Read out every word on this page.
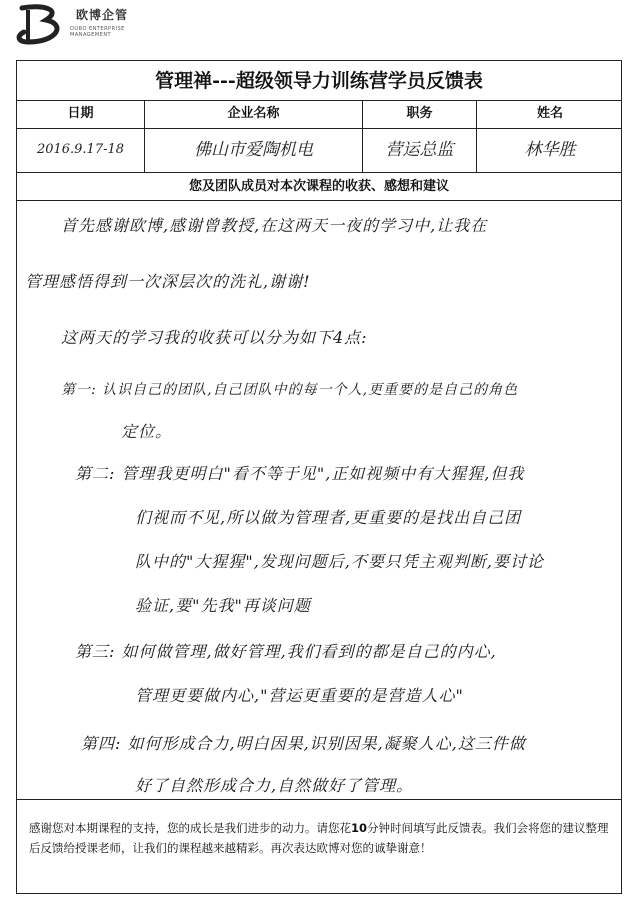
欧博企管
OUBO ENTERPRISE MANAGEMENT
管理禅---超级领导力训练营学员反馈表
日期	企业名称	职务	姓名
2016.9.17-18	佛山市爱陶机电	营运总监	林华胜
您及团队成员对本次课程的收获、感想和建议
首先感谢欧博,感谢曾教授,在这两天一夜的学习中,让我在
管理感悟得到一次深层次的洗礼,谢谢!
这两天的学习我的收获可以分为如下4点:
第一: 认识自己的团队,自己团队中的每一个人,更重要的是自己的角色
定位。
第二: 管理我更明白"看不等于见",正如视频中有大猩猩,但我
们视而不见,所以做为管理者,更重要的是找出自己团
队中的"大猩猩",发现问题后,不要只凭主观判断,要讨论
验证,要"先我"再谈问题
第三: 如何做管理,做好管理,我们看到的都是自己的内心,
管理更要做内心,"营运更重要的是营造人心"
第四: 如何形成合力,明白因果,识别因果,凝聚人心,这三件做
好了自然形成合力,自然做好了管理。
感谢您对本期课程的支持，您的成长是我们进步的动力。请您花10分钟时间填写此反馈表。我们会将您的建议整理后反馈给授课老师，让我们的课程越来越精彩。再次表达欧博对您的诚挚谢意！
